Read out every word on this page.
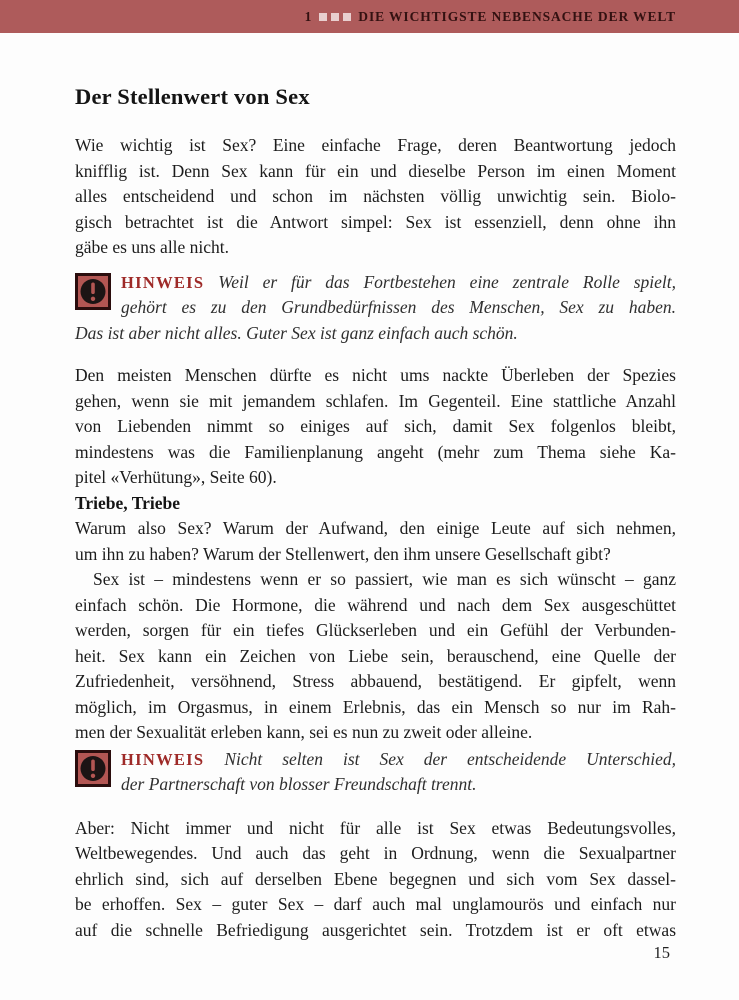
1	DIE WICHTIGSTE NEBENSACHE DER WELT
Der Stellenwert von Sex
Wie wichtig ist Sex? Eine einfache Frage, deren Beantwortung jedoch
knifflig ist. Denn Sex kann für ein und dieselbe Person im einen Moment
alles entscheidend und schon im nächsten völlig unwichtig sein. Biolo-
gisch betrachtet ist die Antwort simpel: Sex ist essenziell, denn ohne ihn
gäbe es uns alle nicht.
HINWEIS Weil er für das Fortbestehen eine zentrale Rolle spielt,
gehört es zu den Grundbedürfnissen des Menschen, Sex zu haben.
Das ist aber nicht alles. Guter Sex ist ganz einfach auch schön.
Den meisten Menschen dürfte es nicht ums nackte Überleben der Spezies
gehen, wenn sie mit jemandem schlafen. Im Gegenteil. Eine stattliche Anzahl
von Liebenden nimmt so einiges auf sich, damit Sex folgenlos bleibt,
mindestens was die Familienplanung angeht (mehr zum Thema siehe Ka-
pitel «Verhütung», Seite 60).
Triebe, Triebe
Warum also Sex? Warum der Aufwand, den einige Leute auf sich nehmen,
um ihn zu haben? Warum der Stellenwert, den ihm unsere Gesellschaft gibt?
Sex ist – mindestens wenn er so passiert, wie man es sich wünscht – ganz
einfach schön. Die Hormone, die während und nach dem Sex ausgeschüttet
werden, sorgen für ein tiefes Glückserleben und ein Gefühl der Verbunden-
heit. Sex kann ein Zeichen von Liebe sein, berauschend, eine Quelle der
Zufriedenheit, versöhnend, Stress abbauend, bestätigend. Er gipfelt, wenn
möglich, im Orgasmus, in einem Erlebnis, das ein Mensch so nur im Rah-
men der Sexualität erleben kann, sei es nun zu zweit oder alleine.
HINWEIS Nicht selten ist Sex der entscheidende Unterschied,
der Partnerschaft von blosser Freundschaft trennt.
Aber: Nicht immer und nicht für alle ist Sex etwas Bedeutungsvolles,
Weltbewegendes. Und auch das geht in Ordnung, wenn die Sexualpartner
ehrlich sind, sich auf derselben Ebene begegnen und sich vom Sex dassel-
be erhoffen. Sex – guter Sex – darf auch mal unglamourös und einfach nur
auf die schnelle Befriedigung ausgerichtet sein. Trotzdem ist er oft etwas
15
